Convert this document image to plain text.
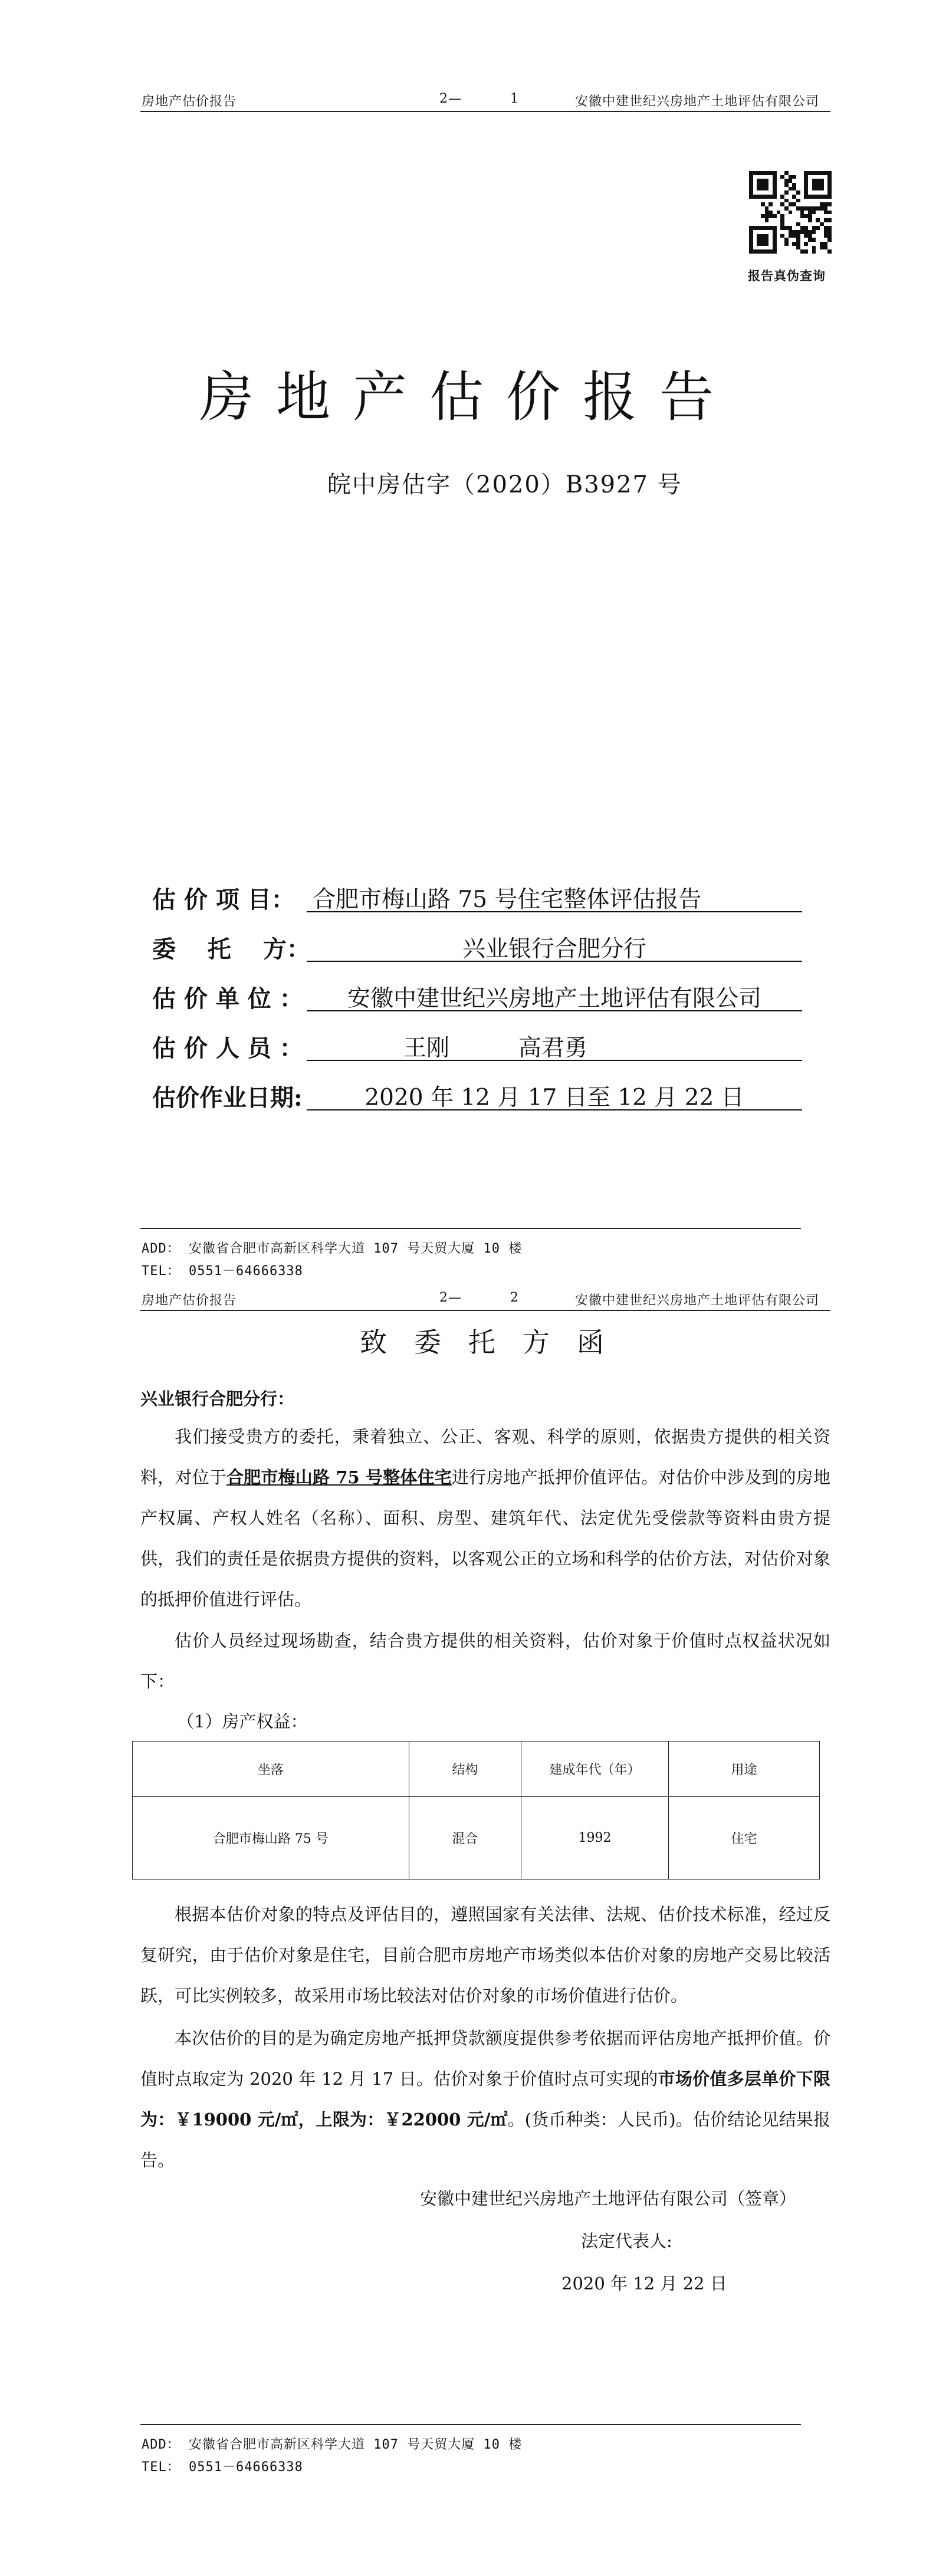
房地产估价报告	2—	1	安徽中建世纪兴房地产土地评估有限公司
报告真伪查询
房地产估价报告
皖中房估字（2020）B3927 号
估 价 项 目： 合肥市梅山路 75 号住宅整体评估报告
委　 托　 方：	兴业银行合肥分行
估 价 单 位 ：	安徽中建世纪兴房地产土地评估有限公司
估 价 人 员 ：	王刚　　　高君勇
估价作业日期:	2020 年 12 月 17 日至 12 月 22 日
ADD： 安徽省合肥市高新区科学大道 107 号天贸大厦 10 楼
TEL： 0551－64666338
房地产估价报告	2—	2	安徽中建世纪兴房地产土地评估有限公司
致委托方函
兴业银行合肥分行：
我们接受贵方的委托，秉着独立、公正、客观、科学的原则，依据贵方提供的相关资料，对位于合肥市梅山路 75 号整体住宅进行房地产抵押价值评估。对估价中涉及到的房地产权属、产权人姓名（名称）、面积、房型、建筑年代、法定优先受偿款等资料由贵方提供，我们的责任是依据贵方提供的资料，以客观公正的立场和科学的估价方法，对估价对象的抵押价值进行评估。
估价人员经过现场勘查，结合贵方提供的相关资料，估价对象于价值时点权益状况如下：
（1）房产权益：
坐落	结构	建成年代（年）	用途
合肥市梅山路 75 号	混合	1992	住宅
根据本估价对象的特点及评估目的，遵照国家有关法律、法规、估价技术标准，经过反复研究，由于估价对象是住宅，目前合肥市房地产市场类似本估价对象的房地产交易比较活跃，可比实例较多，故采用市场比较法对估价对象的市场价值进行估价。
本次估价的目的是为确定房地产抵押贷款额度提供参考依据而评估房地产抵押价值。价值时点取定为 2020 年 12 月 17 日。估价对象于价值时点可实现的市场价值多层单价下限为：￥19000 元/㎡，上限为：￥22000 元/㎡。(货币种类：人民币)。估价结论见结果报告。
安徽中建世纪兴房地产土地评估有限公司（签章）
法定代表人:
2020 年 12 月 22 日
ADD： 安徽省合肥市高新区科学大道 107 号天贸大厦 10 楼
TEL： 0551－64666338
